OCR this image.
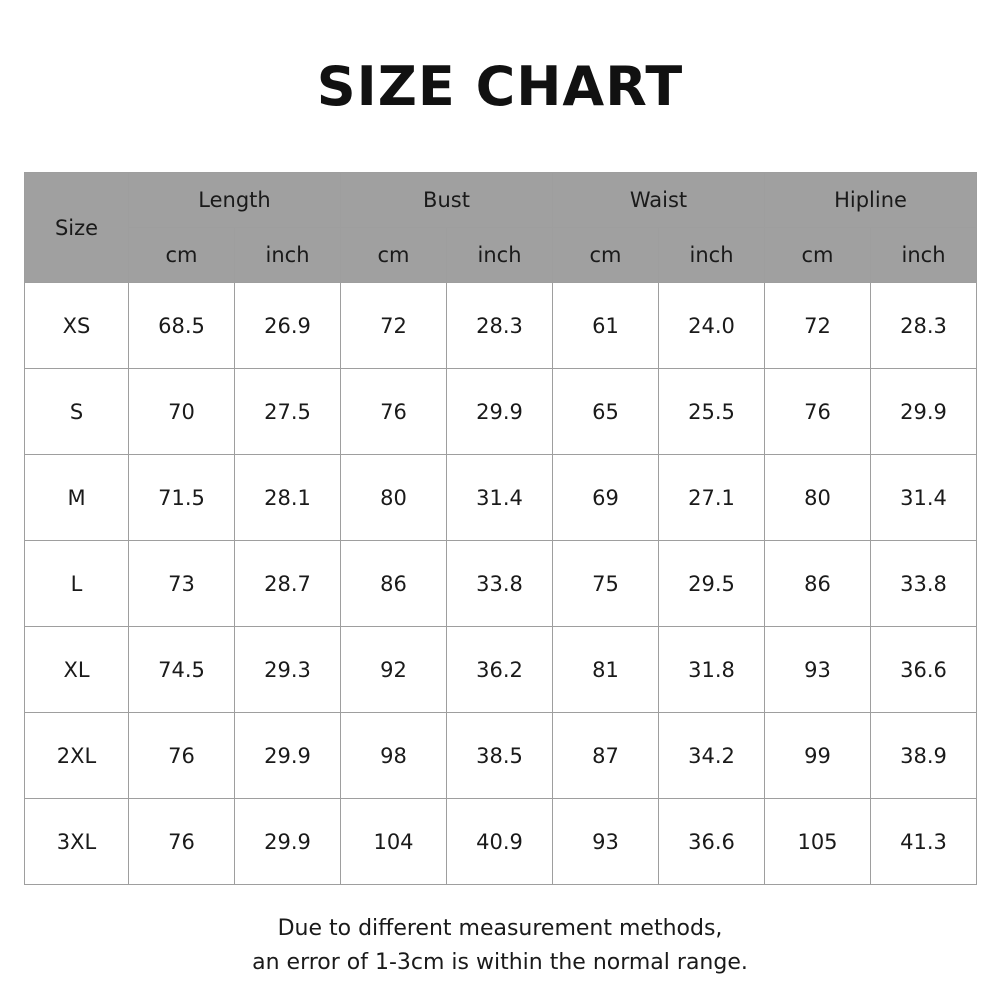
SIZE CHART
Size	Length		Bust		Waist		Hipline	
	cm	inch	cm	inch	cm	inch	cm	inch
XS	68.5	26.9	72	28.3	61	24.0	72	28.3
S	70	27.5	76	29.9	65	25.5	76	29.9
M	71.5	28.1	80	31.4	69	27.1	80	31.4
L	73	28.7	86	33.8	75	29.5	86	33.8
XL	74.5	29.3	92	36.2	81	31.8	93	36.6
2XL	76	29.9	98	38.5	87	34.2	99	38.9
3XL	76	29.9	104	40.9	93	36.6	105	41.3
Due to different measurement methods,
an error of 1-3cm is within the normal range.
